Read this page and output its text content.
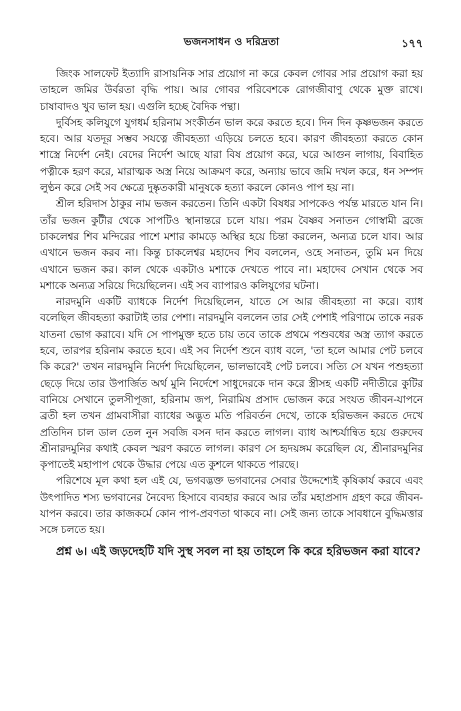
ভজনসাধন ও দরিদ্রতা	১৭৭

জিংক সালফেট ইত্যাদি রাসায়নিক সার প্রয়োগ না করে কেবল গোবর সার প্রয়োগ করা হয় তাহলে জমির উর্বরতা বৃদ্ধি পায়। আর গোবর পরিবেশকে রোগজীবাণু থেকে মুক্ত রাখে। চাষাবাদও খুব ভাল হয়। এগুলি হচ্ছে বৈদিক পন্থা।

দুর্বিসহ কলিযুগে যুগধর্ম হরিনাম সংকীর্তন ভাল করে করতে হবে। দিন দিন কৃষ্ণভজন করতে হবে। আর যতদূর সম্ভব সযত্নে জীবহত্যা এড়িয়ে চলতে হবে। কারণ জীবহত্যা করতে কোন শাস্ত্রে নির্দেশ নেই। বেদের নির্দেশ আছে যারা বিষ প্রয়োগ করে, ঘরে আগুন লাগায়, বিবাহিত পত্নীকে হরণ করে, মারাত্মক অস্ত্র নিয়ে আক্রমণ করে, অন্যায় ভাবে জমি দখল করে, ধন সম্পদ লুণ্ঠন করে সেই সব ক্ষেত্রে দুষ্কৃতকারী মানুষকে হত্যা করলে কোনও পাপ হয় না।

শ্রীল হরিদাস ঠাকুর নাম ভজন করতেন। তিনি একটা বিষধর সাপকেও পর্যন্ত মারতে যান নি। তাঁর ভজন কুটীর থেকে সাপটিও স্থানান্তরে চলে যায়। পরম বৈষ্ণব সনাতন গোস্বামী ব্রজে চাকলেশ্বর শিব মন্দিরের পাশে মশার কামড়ে অস্থির হয়ে চিন্তা করলেন, অন্যত্র চলে যাব। আর এখানে ভজন করব না। কিন্তু চাকলেশ্বর মহাদেব শিব বললেন, ওহে সনাতন, তুমি মন দিয়ে এখানে ভজন কর। কাল থেকে একটাও মশাকে দেখতে পাবে না। মহাদেব সেখান থেকে সব মশাকে অন্যত্র সরিয়ে দিয়েছিলেন। এই সব ব্যাপারও কলিযুগের ঘটনা।

নারদমুনি একটি ব্যাধকে নির্দেশ দিয়েছিলেন, যাতে সে আর জীবহত্যা না করে। ব্যাধ বলেছিল জীবহত্যা করাটাই তার পেশা। নারদমুনি বললেন তার সেই পেশাই পরিণামে তাকে নরক যাতনা ভোগ করাবে। যদি সে পাপমুক্ত হতে চায় তবে তাকে প্রথমে পশুবধের অস্ত্র ত্যাগ করতে হবে, তারপর হরিনাম করতে হবে। এই সব নির্দেশ শুনে ব্যাধ বলে, 'তা হলে আমার পেট চলবে কি করে?' তখন নারদমুনি নির্দেশ দিয়েছিলেন, ভালভাবেই পেট চলবে। সত্যি সে যখন পশুহত্যা ছেড়ে দিয়ে তার উপার্জিত অর্থ মুনি নির্দেশে সাধুদেরকে দান করে স্ত্রীসহ একটি নদীতীরে কুটির বানিয়ে সেখানে তুলসীপূজা, হরিনাম জপ, নিরামিষ প্রসাদ ভোজন করে সংযত জীবন-যাপনে ব্রতী হল তখন গ্রামবাসীরা ব্যাধের অদ্ভুত মতি পরিবর্তন দেখে, তাকে হরিভজন করতে দেখে প্রতিদিন চাল ডাল তেল নুন সবজি বসন দান করতে লাগল। ব্যাধ আশ্চর্যান্বিত হয়ে গুরুদেব শ্রীনারদমুনির কথাই কেবল স্মরণ করতে লাগল। কারণ সে হৃদয়ঙ্গম করেছিল যে, শ্রীনারদমুনির কৃপাতেই মহাপাপ থেকে উদ্ধার পেয়ে এত কুশলে থাকতে পারছে।

পরিশেষে মূল কথা হল এই যে, ভগবদ্ভক্ত ভগবানের সেবার উদ্দেশ্যেই কৃষিকার্য করবে এবং উৎপাদিত শস্য ভগবানের নৈবেদ্য হিসাবে ব্যবহার করবে আর তাঁর মহাপ্রসাদ গ্রহণ করে জীবন-যাপন করবে। তার কাজকর্মে কোন পাপ-প্রবণতা থাকবে না। সেই জন্য তাকে সাবধানে বুদ্ধিমত্তার সঙ্গে চলতে হয়।

প্রশ্ন ৬। এই জড়দেহটি যদি সুস্থ সবল না হয় তাহলে কি করে হরিভজন করা যাবে?
